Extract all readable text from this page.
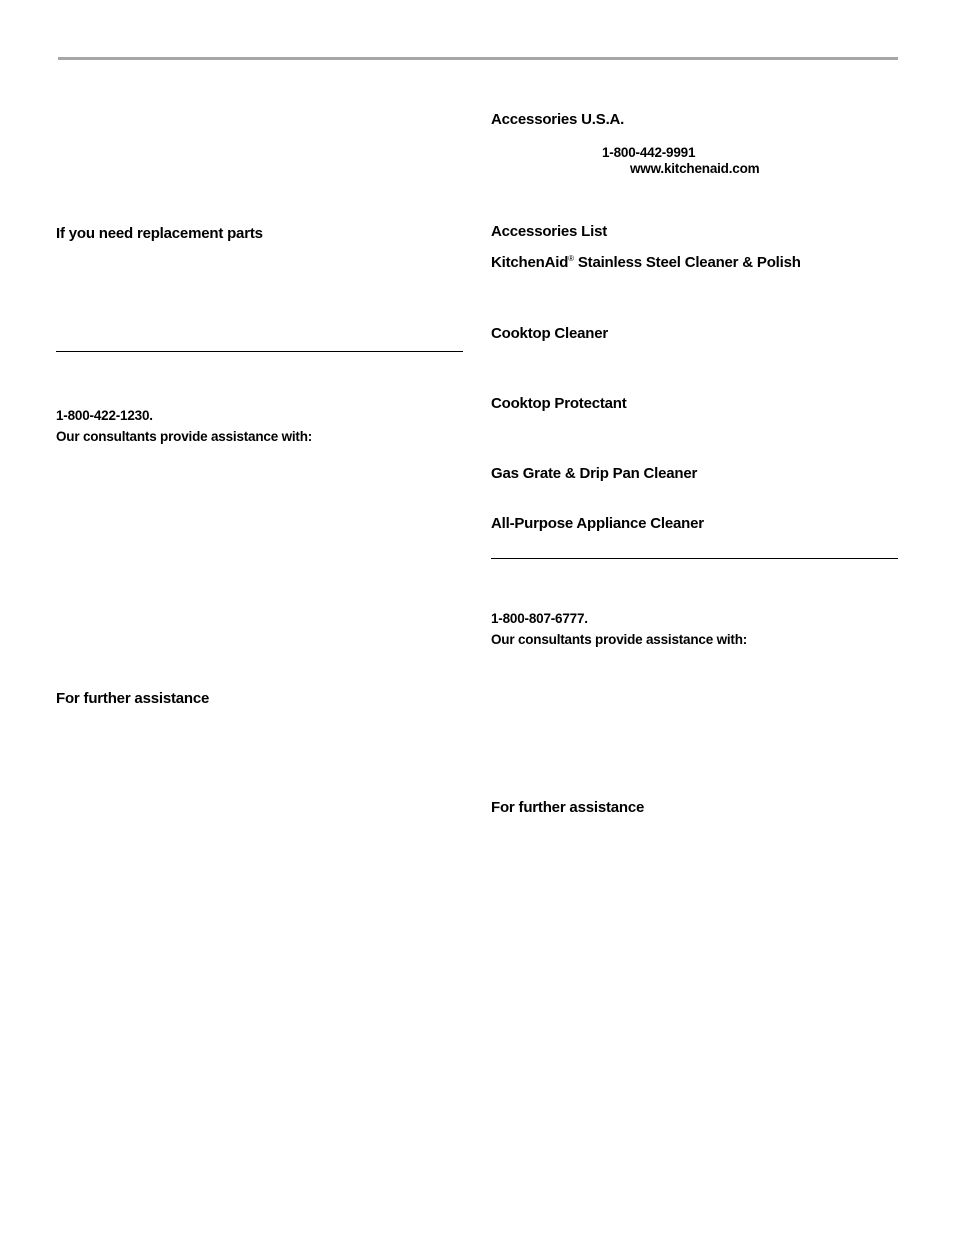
If you need replacement parts
1-800-422-1230.
Our consultants provide assistance with:
For further assistance
Accessories U.S.A.
1-800-442-9991
www.kitchenaid.com
Accessories List
KitchenAid® Stainless Steel Cleaner & Polish
Cooktop Cleaner
Cooktop Protectant
Gas Grate & Drip Pan Cleaner
All-Purpose Appliance Cleaner
1-800-807-6777.
Our consultants provide assistance with:
For further assistance
